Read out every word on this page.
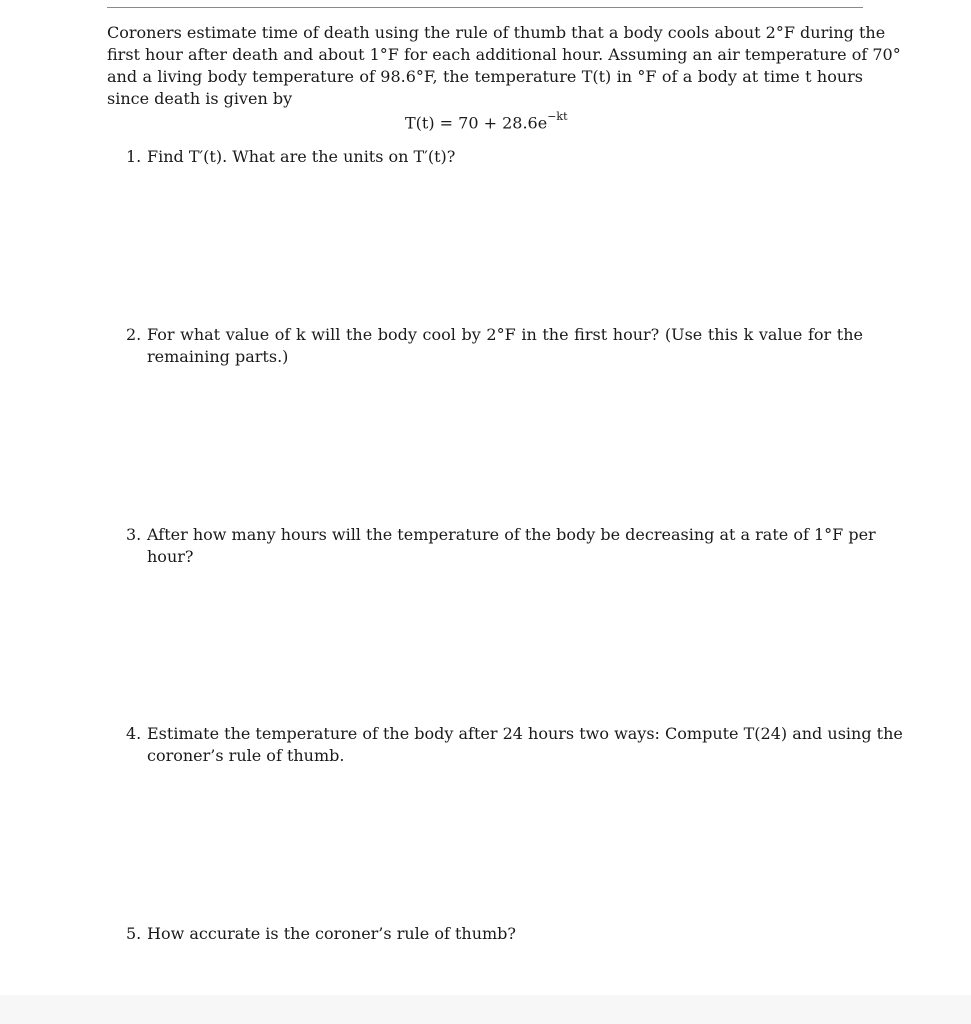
Coroners estimate time of death using the rule of thumb that a body cools about 2°F during the
first hour after death and about 1°F for each additional hour. Assuming an air temperature of 70°
and a living body temperature of 98.6°F, the temperature T(t) in °F of a body at time t hours
since death is given by
$T(t) = 70 + 28.6e^{-kt}$
1. Find T′(t). What are the units on T′(t)?
2. For what value of k will the body cool by 2°F in the first hour? (Use this k value for the
remaining parts.)
3. After how many hours will the temperature of the body be decreasing at a rate of 1°F per
hour?
4. Estimate the temperature of the body after 24 hours two ways: Compute T(24) and using the
coroner’s rule of thumb.
5. How accurate is the coroner’s rule of thumb?
